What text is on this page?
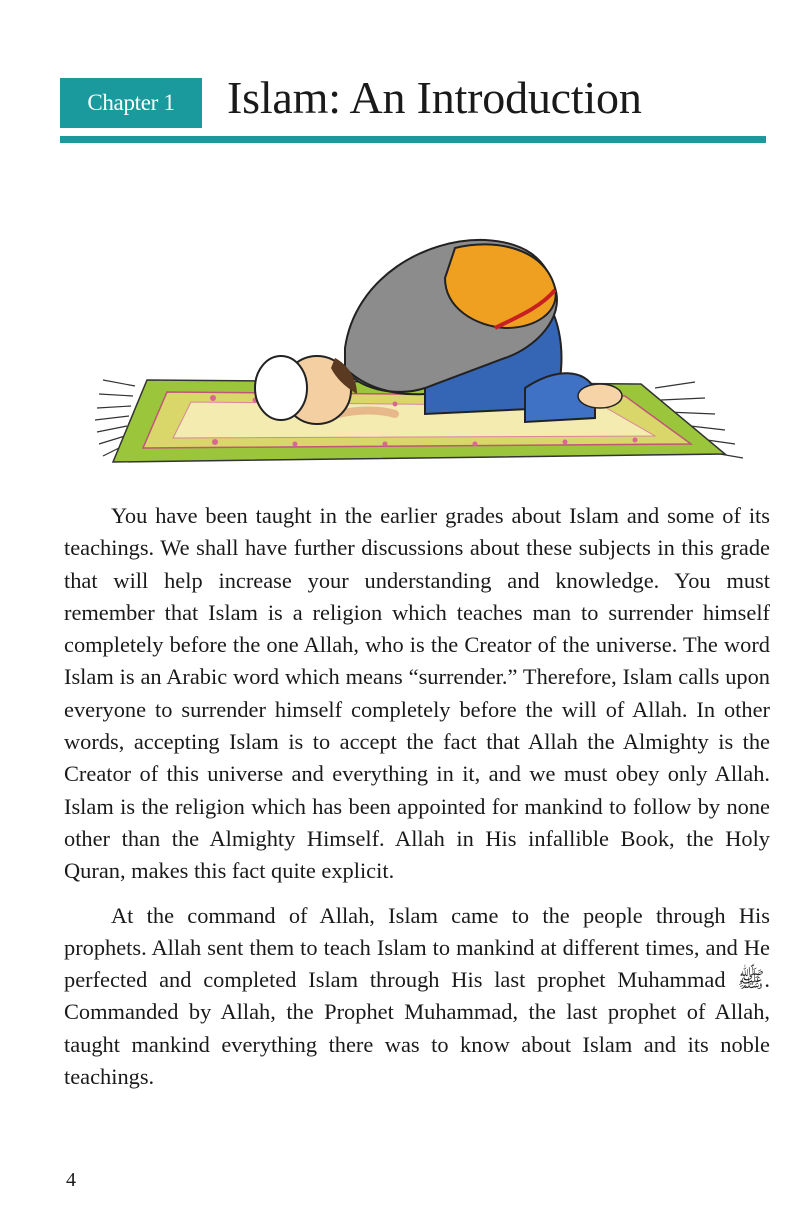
Chapter 1	Islam: An Introduction

You have been taught in the earlier grades about Islam and some of its teachings. We shall have further discussions about these subjects in this grade that will help increase your understanding and knowledge. You must remember that Islam is a religion which teaches man to surrender himself completely before the one Allah, who is the Creator of the universe. The word Islam is an Arabic word which means “surrender.” Therefore, Islam calls upon everyone to surrender himself completely before the will of Allah. In other words, accepting Islam is to accept the fact that Allah the Almighty is the Creator of this universe and everything in it, and we must obey only Allah. Islam is the religion which has been appointed for mankind to follow by none other than the Almighty Himself. Allah in His infallible Book, the Holy Quran, makes this fact quite explicit.

At the command of Allah, Islam came to the people through His prophets. Allah sent them to teach Islam to mankind at different times, and He perfected and completed Islam through His last prophet Muhammad ﷺ. Commanded by Allah, the Prophet Muhammad, the last prophet of Allah, taught mankind everything there was to know about Islam and its noble teachings.

4
